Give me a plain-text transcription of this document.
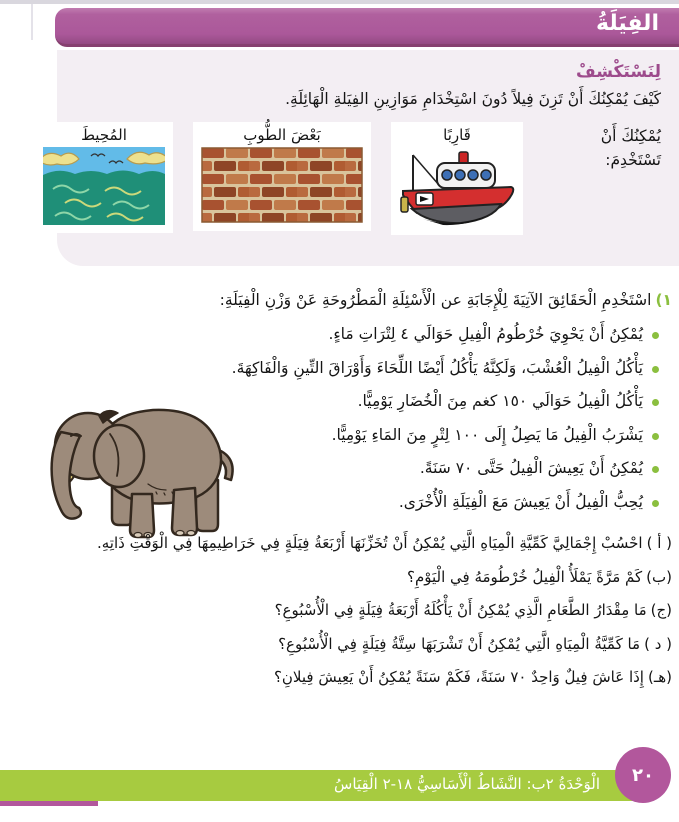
الفِيَلَةُ
لِنَسْتَكْشِفْ
كَيْفَ يُمْكِنُكَ أَنْ تَزِنَ فِيلاً دُونَ اسْتِخْدَامِ مَوَازِينِ الفِيَلةِ الْهَائِلَةِ.
يُمْكِنُكَ أَنْ تَسْتَخْدِمَ:
قَارِبًا
بَعْضَ الطُّوبِ
المُحِيطَ
١)اسْتَخْدِمِ الْحَقَائِقَ الآتِيَةَ لِلْإِجَابَةِ عن الْأَسْئِلَةِ الْمَطْرُوحَةِ عَنْ وَزْنِ الْفِيَلَةِ:
يُمْكِنُ أَنْ يَحْوِيَ خُرْطُومُ الْفِيلِ حَوَالَي ٤ لِتْرَاتِ مَاءٍ.
يَأْكُلُ الْفِيلُ الْعُشْبَ، وَلَكِنَّهُ يَأْكُلُ أَيْضًا اللِّحَاءَ وَأَوْرَاقَ التِّينِ وَالْفَاكِهَةَ.
يَأْكُلُ الْفِيلُ حَوَالَي ١٥٠ كغم مِنَ الْخُضَارِ يَوْمِيًّا.
يَشْرَبُ الْفِيلُ مَا يَصِلُ إِلَى ١٠٠ لِتْرٍ مِنَ المَاءِ يَوْمِيًّا.
يُمْكِنُ أَنْ يَعِيشَ الْفِيلُ حَتَّى ٧٠ سَنَةً.
يُحِبُّ الْفِيلُ أَنْ يَعِيشَ مَعَ الْفِيَلَةِ الْأُخْرَى.
( أ )احْسُبْ إِجْمَالِيَّ كَمِّيَّةِ الْمِيَاهِ الَّتِي يُمْكِنُ أَنْ تُخَزِّنَهَا أَرْبَعَةُ فِيَلَةٍ فِي خَرَاطِيمِهَا فِي الْوَقْتِ ذَاتِهِ.
(ب)كَمْ مَرَّةً يَمْلَأُ الْفِيلُ خُرْطُومَهُ فِي الْيَوْمِ؟
(ج)مَا مِقْدَارُ الطَّعَامِ الَّذِي يُمْكِنُ أَنْ يَأْكُلَهُ أَرْبَعَةُ فِيَلَةٍ فِي الْأُسْبُوعِ؟
( د )مَا كَمِّيَّةُ الْمِيَاهِ الَّتِي يُمْكِنُ أَنْ تَشْرَبَهَا سِتَّةُ فِيَلَةٍ فِي الْأُسْبُوعِ؟
(هـ)إِذَا عَاشَ فِيلٌ وَاحِدٌ ٧٠ سَنَةً، فَكَمْ سَنَةً يُمْكِنُ أَنْ يَعِيشَ فِيلانِ؟
الْوَحْدَةُ ٢ب: النَّشَاطُ الْأَسَاسِيُّ ‎١٨-٢‎ الْقِيَاسُ ٢٠
